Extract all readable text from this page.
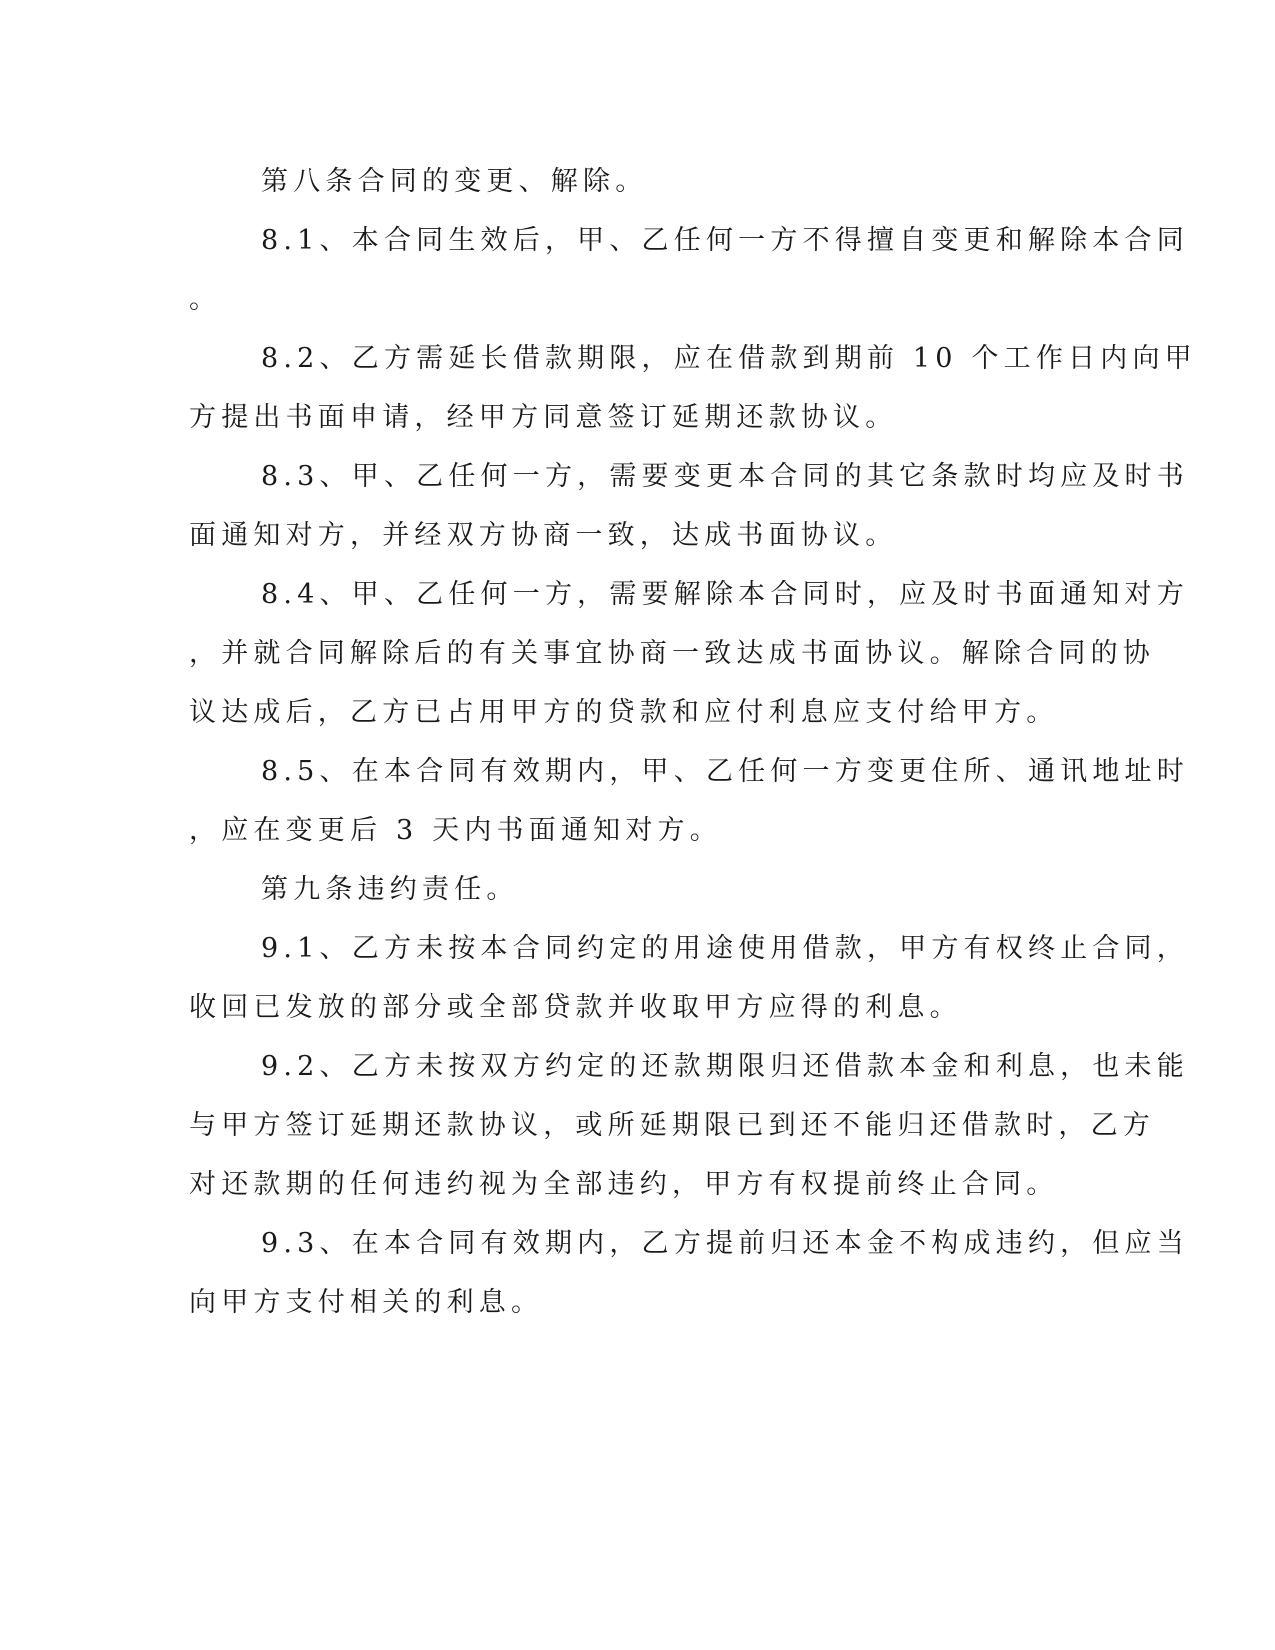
第八条合同的变更、解除。

8.1、本合同生效后，甲、乙任何一方不得擅自变更和解除本合同

。

8.2、乙方需延长借款期限，应在借款到期前 10 个工作日内向甲

方提出书面申请，经甲方同意签订延期还款协议。

8.3、甲、乙任何一方，需要变更本合同的其它条款时均应及时书

面通知对方，并经双方协商一致，达成书面协议。

8.4、甲、乙任何一方，需要解除本合同时，应及时书面通知对方

，并就合同解除后的有关事宜协商一致达成书面协议。解除合同的协

议达成后，乙方已占用甲方的贷款和应付利息应支付给甲方。

8.5、在本合同有效期内，甲、乙任何一方变更住所、通讯地址时

，应在变更后 3 天内书面通知对方。

第九条违约责任。

9.1、乙方未按本合同约定的用途使用借款，甲方有权终止合同，

收回已发放的部分或全部贷款并收取甲方应得的利息。

9.2、乙方未按双方约定的还款期限归还借款本金和利息，也未能

与甲方签订延期还款协议，或所延期限已到还不能归还借款时，乙方

对还款期的任何违约视为全部违约，甲方有权提前终止合同。

9.3、在本合同有效期内，乙方提前归还本金不构成违约，但应当

向甲方支付相关的利息。
